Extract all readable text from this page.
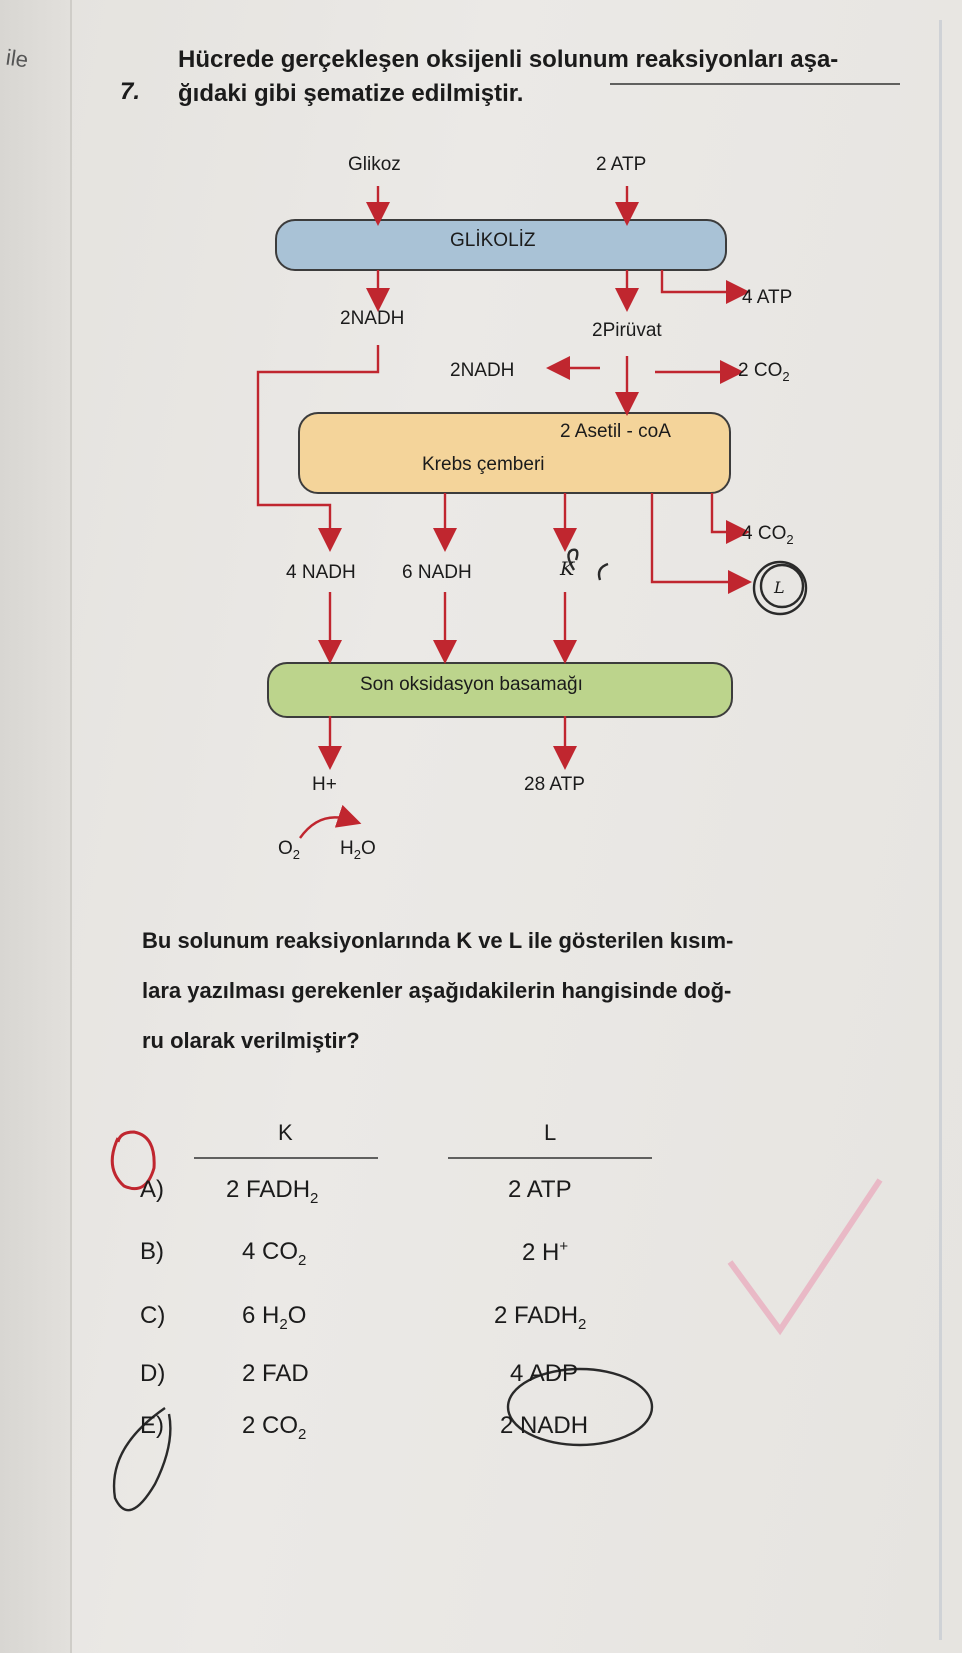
ile
7.
Hücrede gerçekleşen oksijenli solunum reaksiyonları aşa-
ğıdaki gibi şematize edilmiştir.
Glikoz	2 ATP
GLİKOLİZ
4 ATP
2NADH
2Pirüvat
2NADH	2 $CO_2$
2 Asetil - coA
Krebs çemberi
4 $CO_2$
4 NADH 6 NADH	K
L
Son oksidasyon basamağı
H+	28 ATP
$O_2$ $H_2O$
Bu solunum reaksiyonlarında K ve L ile gösterilen kısım-
lara yazılması gerekenler aşağıdakilerin hangisinde doğ-
ru olarak verilmiştir?
K	L
A)	2 $FADH_2$	2 ATP
B)	4 $CO_2$	2 H+
C)	6 $H_2O$	2 $FADH_2$
D)	2 FAD	4 ADP
E)	2 $CO_2$	2 NADH
